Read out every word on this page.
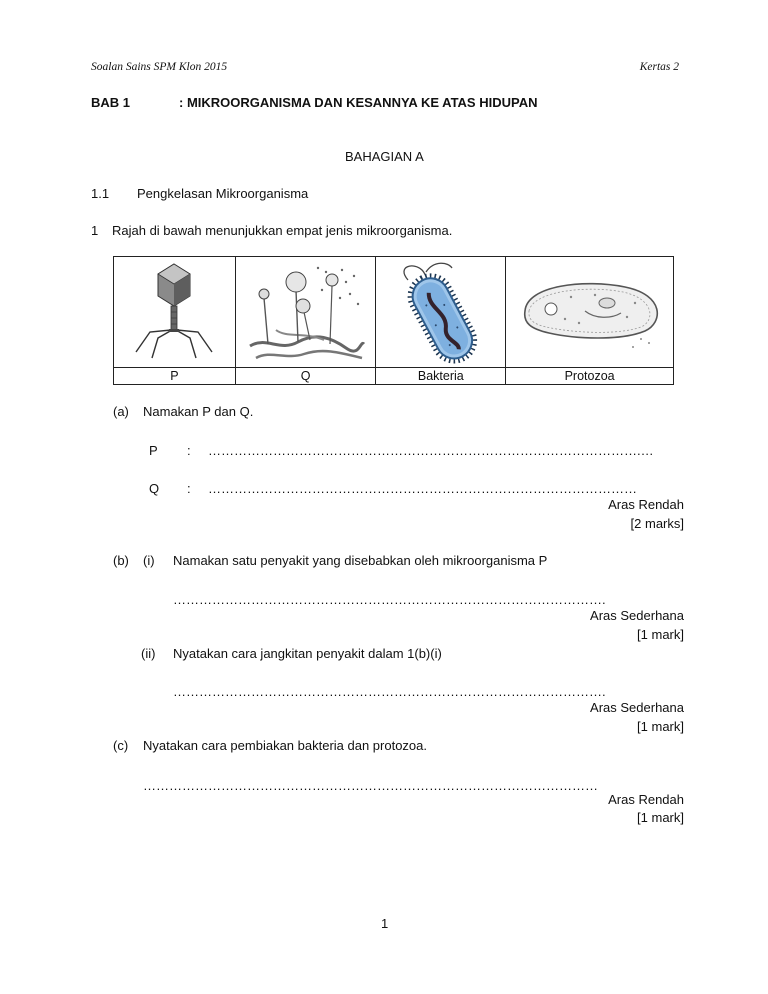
Soalan Sains SPM Klon 2015	Kertas 2
BAB 1	: MIKROORGANISMA DAN KESANNYA KE ATAS HIDUPAN
BAHAGIAN A
1.1 Pengkelasan Mikroorganisma
1 Rajah di bawah menunjukkan empat jenis mikroorganisma.

P	Q	Bakteria	Protozoa
(a) Namakan P dan Q.
P : ……………………………………………………………………………………….…
Q : ………………………………………………………………………………………
Aras Rendah
[2 marks]
(b) (i) Namakan satu penyakit yang disebabkan oleh mikroorganisma P
……………………………………………………………………………………….
Aras Sederhana
[1 mark]
(ii) Nyatakan cara jangkitan penyakit dalam 1(b)(i)
……………………………………………………………………………………….
Aras Sederhana
[1 mark]
(c) Nyatakan cara pembiakan bakteria dan protozoa.
……………………………………………………………………………………………
Aras Rendah
[1 mark]
1
